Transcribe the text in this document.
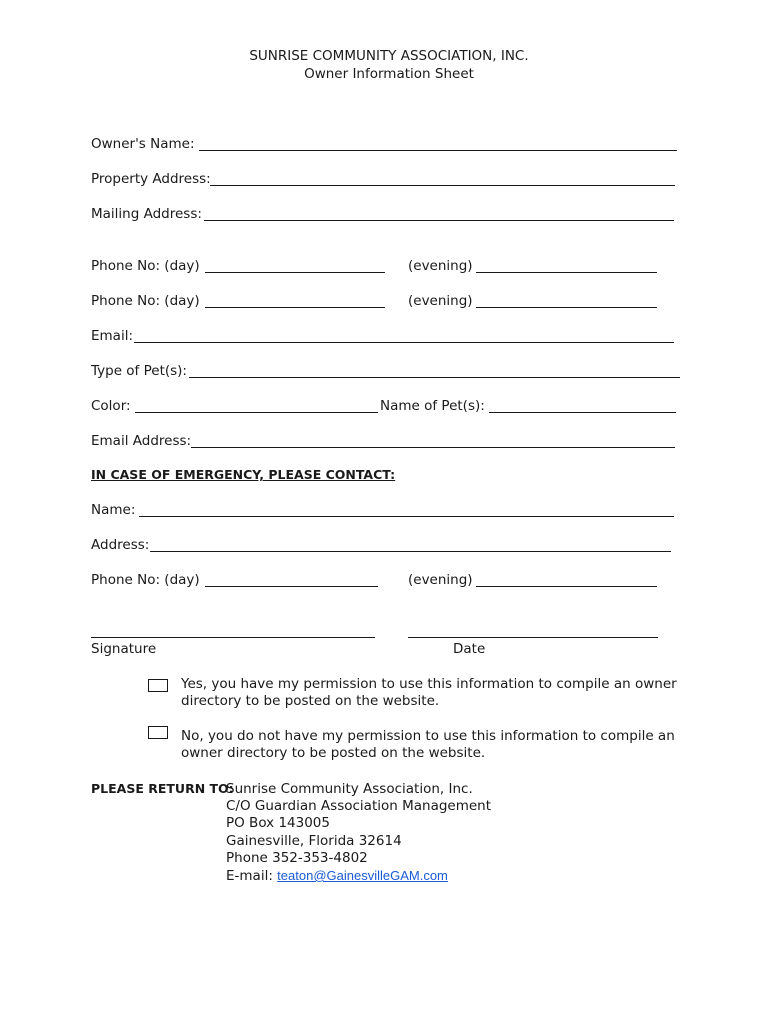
SUNRISE COMMUNITY ASSOCIATION, INC.
Owner Information Sheet
Owner's Name:
Property Address:
Mailing Address:
Phone No: (day)	(evening)
Phone No: (day)	(evening)
Email:
Type of Pet(s):
Color:	Name of Pet(s):
Email Address:
IN CASE OF EMERGENCY, PLEASE CONTACT:
Name:
Address:
Phone No: (day)	(evening)
Signature	Date
Yes, you have my permission to use this information to compile an owner
directory to be posted on the website.
No, you do not have my permission to use this information to compile an
owner directory to be posted on the website.
PLEASE RETURN TO:
Sunrise Community Association, Inc.
C/O Guardian Association Management
PO Box 143005
Gainesville, Florida 32614
Phone 352-353-4802
E-mail: teaton@GainesvilleGAM.com
